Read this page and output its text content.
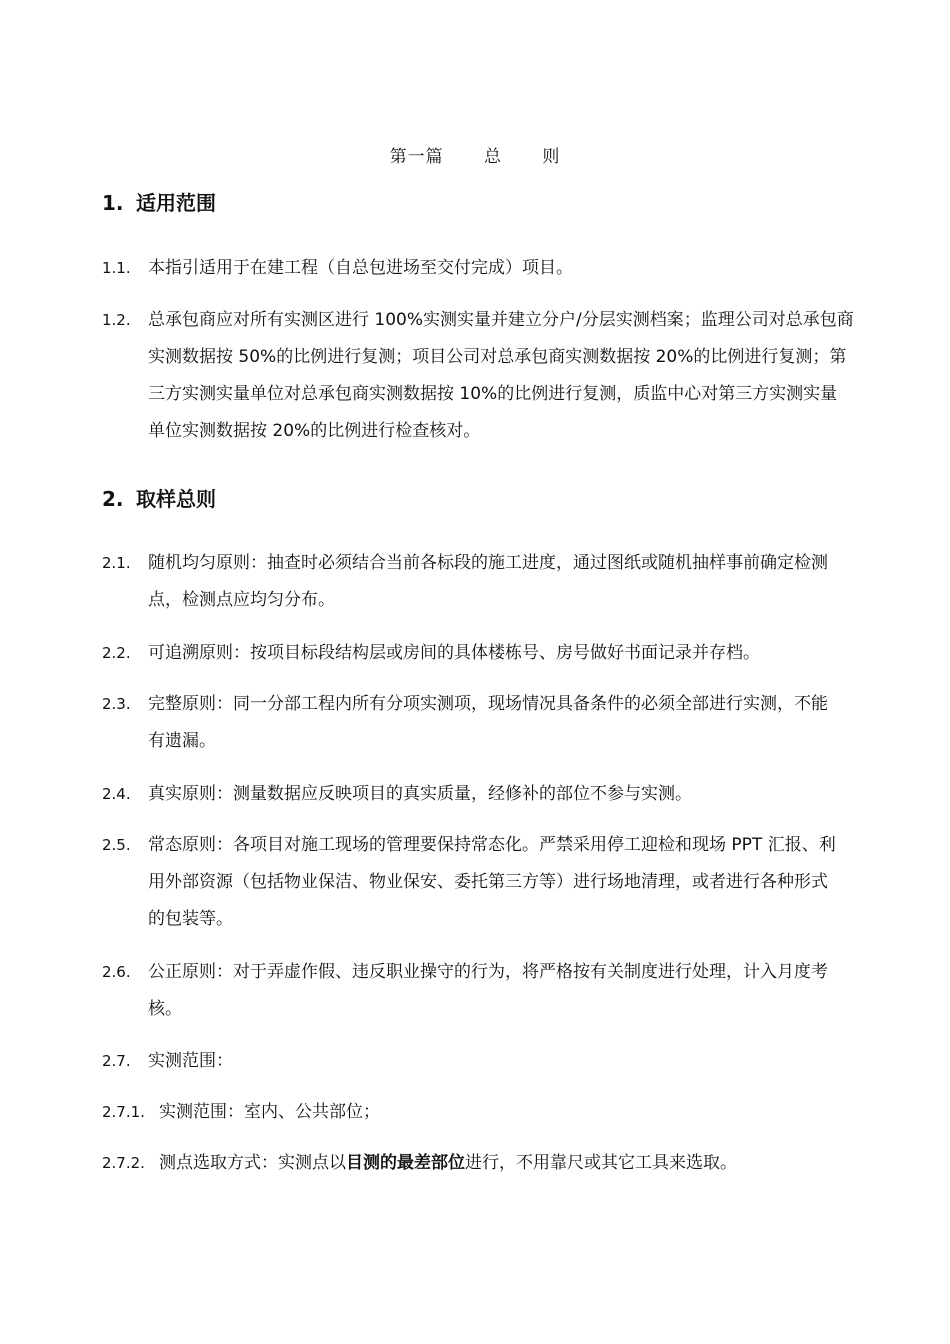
第一篇 总 则
1. 适用范围
1.1. 本指引适用于在建工程（自总包进场至交付完成）项目。
1.2. 总承包商应对所有实测区进行 100%实测实量并建立分户/分层实测档案；监理公司对总承包商实测数据按 50%的比例进行复测；项目公司对总承包商实测数据按 20%的比例进行复测；第三方实测实量单位对总承包商实测数据按 10%的比例进行复测，质监中心对第三方实测实量单位实测数据按 20%的比例进行检查核对。
2. 取样总则
2.1. 随机均匀原则：抽查时必须结合当前各标段的施工进度，通过图纸或随机抽样事前确定检测点，检测点应均匀分布。
2.2. 可追溯原则：按项目标段结构层或房间的具体楼栋号、房号做好书面记录并存档。
2.3. 完整原则：同一分部工程内所有分项实测项，现场情况具备条件的必须全部进行实测，不能有遗漏。
2.4. 真实原则：测量数据应反映项目的真实质量，经修补的部位不参与实测。
2.5. 常态原则：各项目对施工现场的管理要保持常态化。严禁采用停工迎检和现场 PPT 汇报、利用外部资源（包括物业保洁、物业保安、委托第三方等）进行场地清理，或者进行各种形式的包装等。
2.6. 公正原则：对于弄虚作假、违反职业操守的行为，将严格按有关制度进行处理，计入月度考核。
2.7. 实测范围：
2.7.1. 实测范围：室内、公共部位；
2.7.2. 测点选取方式：实测点以目测的最差部位进行，不用靠尺或其它工具来选取。
